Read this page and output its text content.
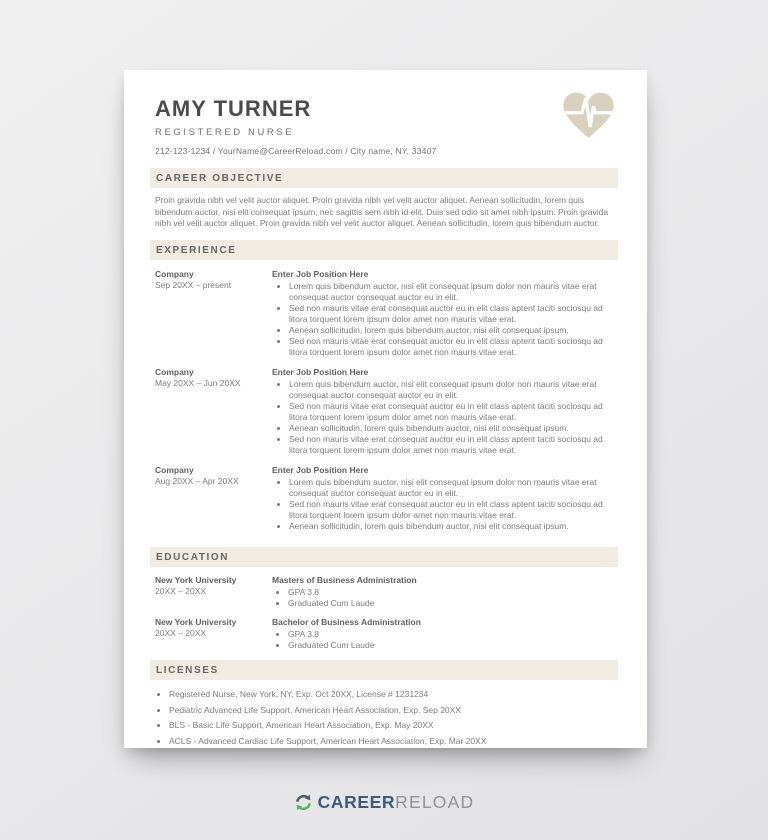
AMY TURNER
REGISTERED NURSE
212-123-1234 / YourName@CareerReload.com / City name, NY, 33407
CAREER OBJECTIVE
Proin gravida nibh vel velit auctor aliquet. Proin gravida nibh vel velit auctor aliquet. Aenean sollicitudin, lorem quis bibendum auctor, nisi elit consequat ipsum, nec sagittis sem nibh id elit. Duis sed odio sit amet nibh ipsum. Proin gravida nibh vel velit auctor aliquet. Proin gravida nibh vel velit auctor aliquet. Aenean sollicitudin, lorem quis bibendum auctor.
EXPERIENCE
Company
Sep 20XX – present
Enter Job Position Here
• Lorem quis bibendum auctor, nisi elit consequat ipsum dolor non mauris vitae erat consequat auctor consequat auctor eu in elit.
• Sed non mauris vitae erat consequat auctor eu in elit class aptent taciti sociosqu ad litora torquent lorem ipsum dolor amet non mauris vitae erat.
• Aenean sollicitudin, lorem quis bibendum auctor, nisi elit consequat ipsum.
• Sed non mauris vitae erat consequat auctor eu in elit class aptent taciti sociosqu ad litora torquent lorem ipsum dolor amet non mauris vitae erat.
Company
May 20XX – Jun 20XX
Enter Job Position Here
• Lorem quis bibendum auctor, nisi elit consequat ipsum dolor non mauris vitae erat consequat auctor consequat auctor eu in elit.
• Sed non mauris vitae erat consequat auctor eu in elit class aptent taciti sociosqu ad litora torquent lorem ipsum dolor amet non mauris vitae erat.
• Aenean sollicitudin, lorem quis bibendum auctor, nisi elit consequat ipsum.
• Sed non mauris vitae erat consequat auctor eu in elit class aptent taciti sociosqu ad litora torquent lorem ipsum dolor amet non mauris vitae erat.
Company
Aug 20XX – Apr 20XX
Enter Job Position Here
• Lorem quis bibendum auctor, nisi elit consequat ipsum dolor non mauris vitae erat consequat auctor consequat auctor eu in elit.
• Sed non mauris vitae erat consequat auctor eu in elit class aptent taciti sociosqu ad litora torquent lorem ipsum dolor amet non mauris vitae erat.
• Aenean sollicitudin, lorem quis bibendum auctor, nisi elit consequat ipsum.
EDUCATION
New York University
20XX – 20XX
Masters of Business Administration
• GPA 3.8
• Graduated Cum Laude
New York University
20XX – 20XX
Bachelor of Business Administration
• GPA 3.8
• Graduated Cum Laude
LICENSES
• Registered Nurse, New York, NY, Exp. Oct 20XX, License # 1231234
• Pediatric Advanced Life Support, American Heart Association, Exp. Sep 20XX
• BLS - Basic Life Support, American Heart Association, Exp. May 20XX
• ACLS - Advanced Cardiac Life Support, American Heart Association, Exp. Mar 20XX
CAREERRELOAD
